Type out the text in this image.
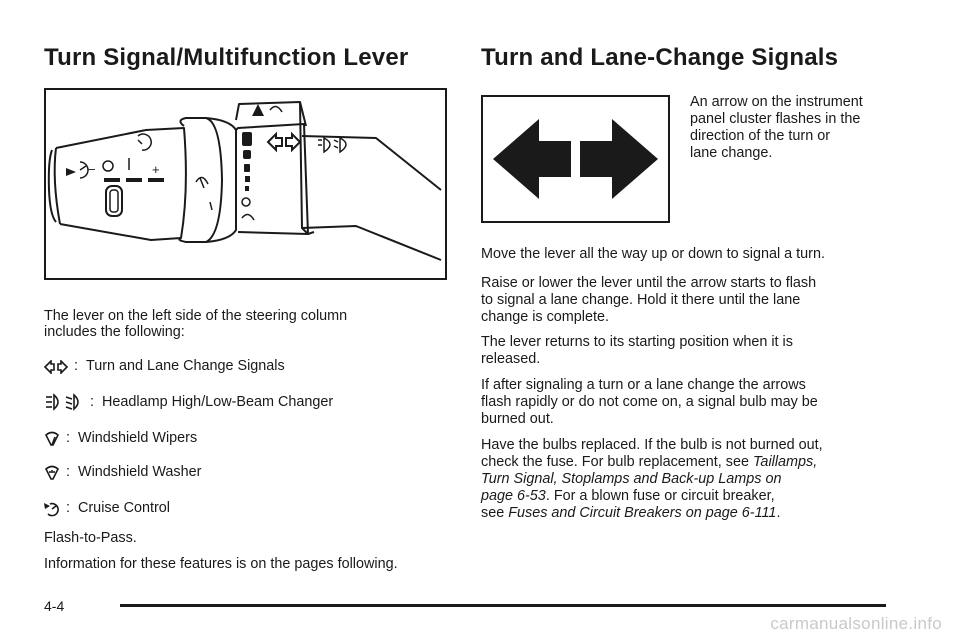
Turn Signal/Multifunction Lever
−	+

The lever on the left side of the steering column

includes the following:

:
Turn and Lane Change Signals
:
Headlamp High/Low-Beam Changer
:
Windshield Wipers
:
Windshield Washer
:
Cruise Control

Flash-to-Pass.

Information for these features is on the pages following.

Turn and Lane-Change Signals

An arrow on the instrument

panel cluster flashes in the

direction of the turn or

lane change.

Move the lever all the way up or down to signal a turn.

Raise or lower the lever until the arrow starts to flash

to signal a lane change. Hold it there until the lane

change is complete.

The lever returns to its starting position when it is

released.

If after signaling a turn or a lane change the arrows

flash rapidly or do not come on, a signal bulb may be

burned out.

Have the bulbs replaced. If the bulb is not burned out,

check the fuse. For bulb replacement, see Taillamps,

Turn Signal, Stoplamps and Back-up Lamps on

page 6-53. For a blown fuse or circuit breaker,

see Fuses and Circuit Breakers on page 6-111.

4-4
carmanualsonline.info
